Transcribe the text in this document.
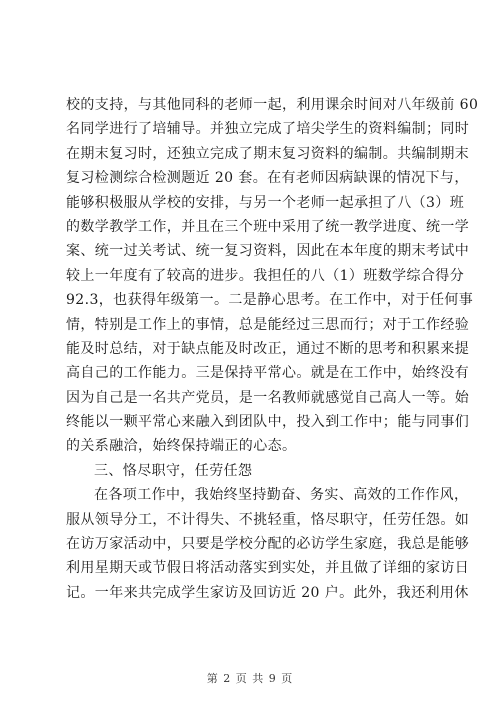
校的支持，与其他同科的老师一起，利用课余时间对八年级前 60
名同学进行了培辅导。并独立完成了培尖学生的资料编制；同时
在期末复习时，还独立完成了期末复习资料的编制。共编制期末
复习检测综合检测题近 20 套。在有老师因病缺课的情况下与，
能够积极服从学校的安排，与另一个老师一起承担了八（3）班
的数学教学工作，并且在三个班中采用了统一教学进度、统一学
案、统一过关考试、统一复习资料，因此在本年度的期末考试中
较上一年度有了较高的进步。我担任的八（1）班数学综合得分
92.3，也获得年级第一。二是静心思考。在工作中，对于任何事
情，特别是工作上的事情，总是能经过三思而行；对于工作经验
能及时总结，对于缺点能及时改正，通过不断的思考和积累来提
高自己的工作能力。三是保持平常心。就是在工作中，始终没有
因为自己是一名共产党员，是一名教师就感觉自己高人一等。始
终能以一颗平常心来融入到团队中，投入到工作中；能与同事们
的关系融洽，始终保持端正的心态。
三、恪尽职守，任劳任怨
在各项工作中，我始终坚持勤奋、务实、高效的工作作风，
服从领导分工，不计得失、不挑轻重，恪尽职守，任劳任怨。如
在访万家活动中，只要是学校分配的必访学生家庭，我总是能够
利用星期天或节假日将活动落实到实处，并且做了详细的家访日
记。一年来共完成学生家访及回访近 20 户。此外，我还利用休
第 2 页 共 9 页
